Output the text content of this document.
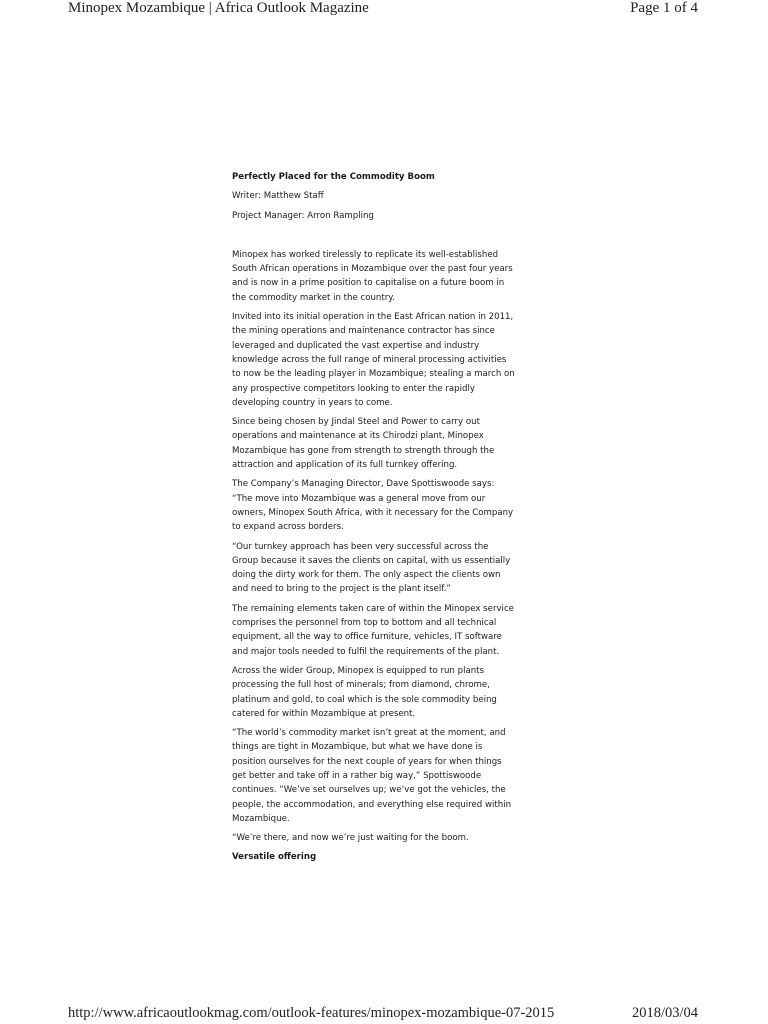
Minopex Mozambique | Africa Outlook Magazine	Page 1 of 4

Perfectly Placed for the Commodity Boom

Writer: Matthew Staff

Project Manager: Arron Rampling

Minopex has worked tirelessly to replicate its well-established South African operations in Mozambique over the past four years and is now in a prime position to capitalise on a future boom in the commodity market in the country.

Invited into its initial operation in the East African nation in 2011, the mining operations and maintenance contractor has since leveraged and duplicated the vast expertise and industry knowledge across the full range of mineral processing activities to now be the leading player in Mozambique; stealing a march on any prospective competitors looking to enter the rapidly developing country in years to come.

Since being chosen by Jindal Steel and Power to carry out operations and maintenance at its Chirodzi plant, Minopex Mozambique has gone from strength to strength through the attraction and application of its full turnkey offering.

The Company’s Managing Director, Dave Spottiswoode says: “The move into Mozambique was a general move from our owners, Minopex South Africa, with it necessary for the Company to expand across borders.

“Our turnkey approach has been very successful across the Group because it saves the clients on capital, with us essentially doing the dirty work for them. The only aspect the clients own and need to bring to the project is the plant itself.”

The remaining elements taken care of within the Minopex service comprises the personnel from top to bottom and all technical equipment, all the way to office furniture, vehicles, IT software and major tools needed to fulfil the requirements of the plant.

Across the wider Group, Minopex is equipped to run plants processing the full host of minerals; from diamond, chrome, platinum and gold, to coal which is the sole commodity being catered for within Mozambique at present.

“The world’s commodity market isn’t great at the moment, and things are tight in Mozambique, but what we have done is position ourselves for the next couple of years for when things get better and take off in a rather big way,” Spottiswoode continues. “We’ve set ourselves up; we’ve got the vehicles, the people, the accommodation, and everything else required within Mozambique.

“We’re there, and now we’re just waiting for the boom.

Versatile offering

http://www.africaoutlookmag.com/outlook-features/minopex-mozambique-07-2015	2018/03/04
